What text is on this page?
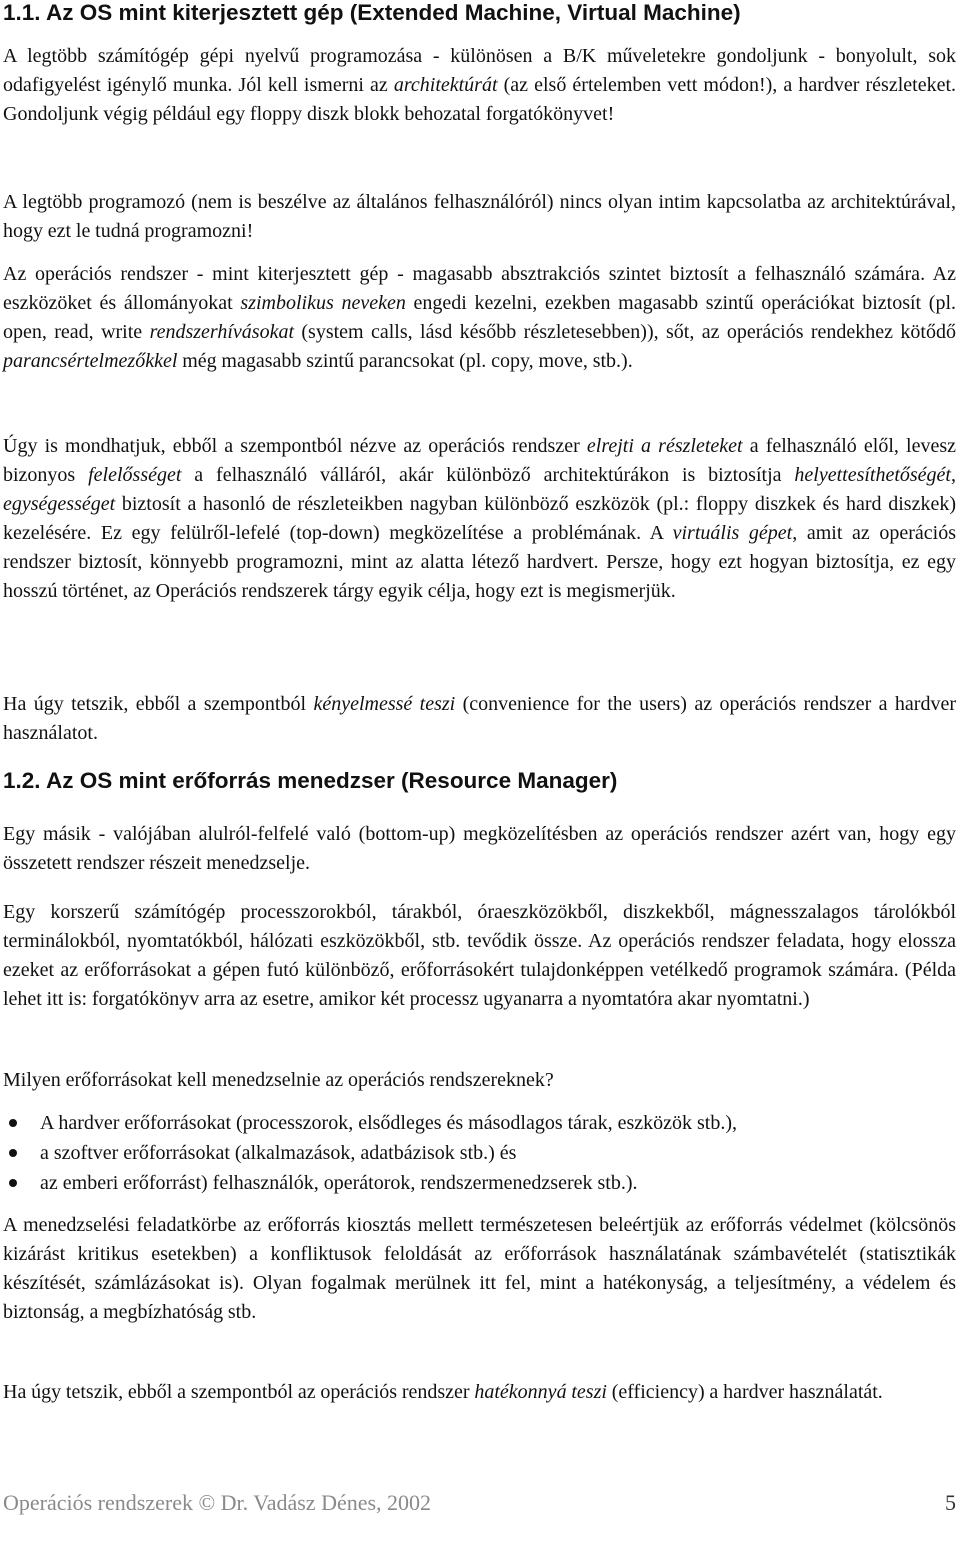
1.1. Az OS mint kiterjesztett gép (Extended Machine, Virtual Machine)

A legtöbb számítógép gépi nyelvű programozása - különösen a B/K műveletekre gondoljunk - bonyolult, sok odafigyelést igénylő munka. Jól kell ismerni az architektúrát (az első értelemben vett módon!), a hardver részleteket. Gondoljunk végig például egy floppy diszk blokk behozatal forgatókönyvet!

A legtöbb programozó (nem is beszélve az általános felhasználóról) nincs olyan intim kapcsolatba az architektúrával, hogy ezt le tudná programozni!

Az operációs rendszer - mint kiterjesztett gép - magasabb absztrakciós szintet biztosít a felhasználó számára. Az eszközöket és állományokat szimbolikus neveken engedi kezelni, ezekben magasabb szintű operációkat biztosít (pl. open, read, write rendszerhívásokat (system calls, lásd később részletesebben)), sőt, az operációs rendekhez kötődő parancsértelmezőkkel még magasabb szintű parancsokat (pl. copy, move, stb.).

Úgy is mondhatjuk, ebből a szempontból nézve az operációs rendszer elrejti a részleteket a felhasználó elől, levesz bizonyos felelősséget a felhasználó válláról, akár különböző architektúrákon is biztosítja helyettesíthetőségét, egységességet biztosít a hasonló de részleteikben nagyban különböző eszközök (pl.: floppy diszkek és hard diszkek) kezelésére. Ez egy felülről-lefelé (top-down) megközelítése a problémának. A virtuális gépet, amit az operációs rendszer biztosít, könnyebb programozni, mint az alatta létező hardvert. Persze, hogy ezt hogyan biztosítja, ez egy hosszú történet, az Operációs rendszerek tárgy egyik célja, hogy ezt is megismerjük.

Ha úgy tetszik, ebből a szempontból kényelmessé teszi (convenience for the users) az operációs rendszer a hardver használatot.

1.2. Az OS mint erőforrás menedzser (Resource Manager)

Egy másik - valójában alulról-felfelé való (bottom-up) megközelítésben az operációs rendszer azért van, hogy egy összetett rendszer részeit menedzselje.

Egy korszerű számítógép processzorokból, tárakból, óraeszközökből, diszkekből, mágnesszalagos tárolókból terminálokból, nyomtatókból, hálózati eszközökből, stb. tevődik össze. Az operációs rendszer feladata, hogy elossza ezeket az erőforrásokat a gépen futó különböző, erőforrásokért tulajdonképpen vetélkedő programok számára. (Példa lehet itt is: forgatókönyv arra az esetre, amikor két processz ugyanarra a nyomtatóra akar nyomtatni.)

Milyen erőforrásokat kell menedzselnie az operációs rendszereknek?

A hardver erőforrásokat (processzorok, elsődleges és másodlagos tárak, eszközök stb.),
a szoftver erőforrásokat (alkalmazások, adatbázisok stb.) és
az emberi erőforrást) felhasználók, operátorok, rendszermenedzserek stb.).

A menedzselési feladatkörbe az erőforrás kiosztás mellett természetesen beleértjük az erőforrás védelmet (kölcsönös kizárást kritikus esetekben) a konfliktusok feloldását az erőforrások használatának számbavételét (statisztikák készítését, számlázásokat is). Olyan fogalmak merülnek itt fel, mint a hatékonyság, a teljesítmény, a védelem és biztonság, a megbízhatóság stb.

Ha úgy tetszik, ebből a szempontból az operációs rendszer hatékonnyá teszi (efficiency) a hardver használatát.

Operációs rendszerek © Dr. Vadász Dénes, 2002	5
